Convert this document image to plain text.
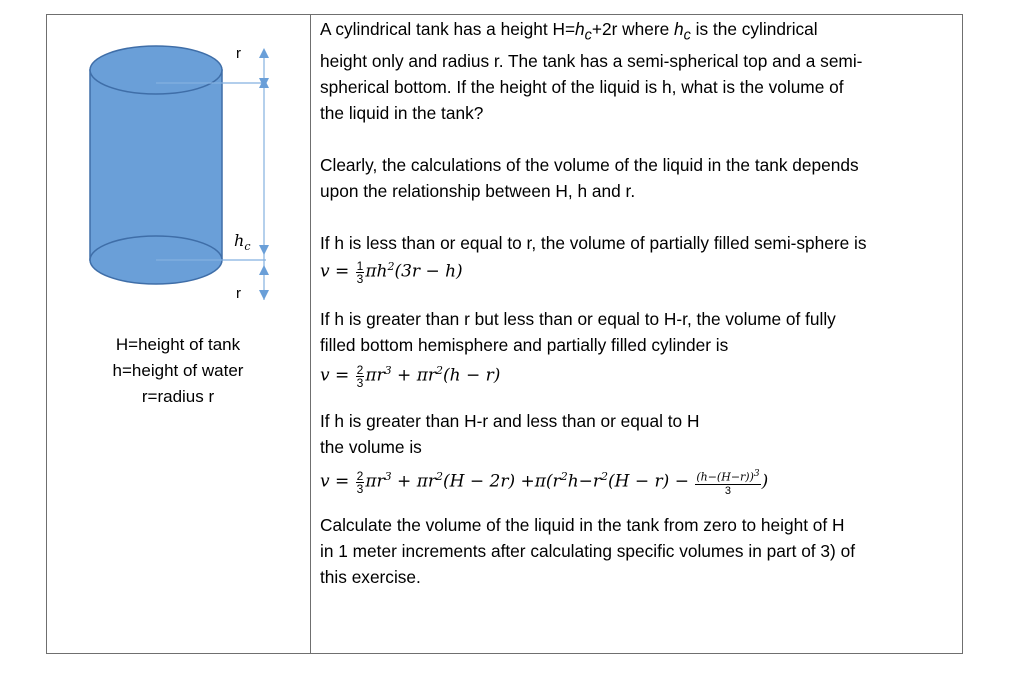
r
$h_c$
r
H=height of tank
h=height of water
r=radius r

A cylindrical tank has a height $H=h_c+2r$ where $h_c$ is the cylindrical

height only and radius r. The tank has a semi-spherical top and a semi-

spherical bottom. If the height of the liquid is h, what is the volume of

the liquid in the tank?

Clearly, the calculations of the volume of the liquid in the tank depends

upon the relationship between H, h and r.

If h is less than or equal to r, the volume of partially filled semi-sphere is

$v = \frac{1}{3} \pi h^2(3r - h)$

If h is greater than r but less than or equal to H-r, the volume of fully

filled bottom hemisphere and partially filled cylinder is

$v = \frac{2}{3} \pi r^3 + \pi r^2(h - r)$

If h is greater than H-r and less than or equal to H

the volume is

$v = \frac{2}{3} \pi r^3 + \pi r^2(H - 2r) +\pi(r^2h-r^2(H - r) - \frac{(h-(H-r))^3}{3}$ )

Calculate the volume of the liquid in the tank from zero to height of H

in 1 meter increments after calculating specific volumes in part of 3) of

this exercise.
